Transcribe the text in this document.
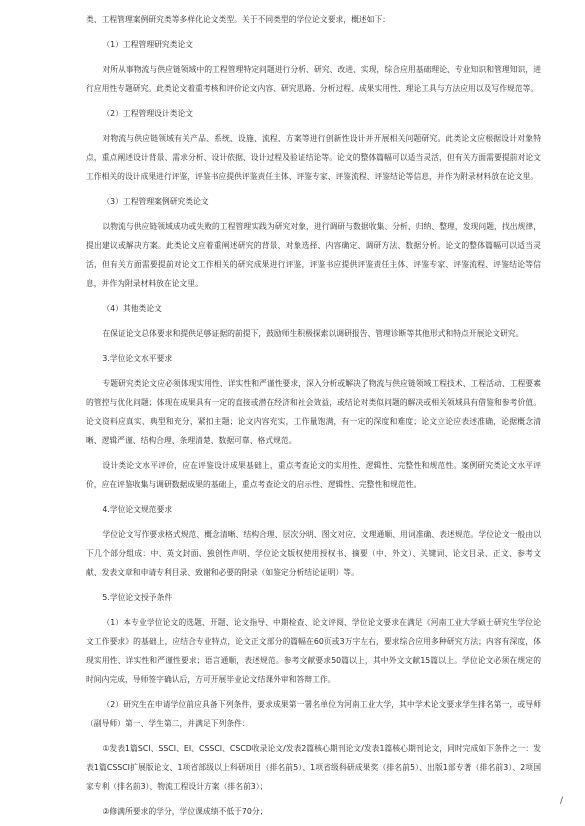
类、工程管理案例研究类等多样化论文类型。关于不同类型的学位论文要求，概述如下：

（1）工程管理研究类论文

对所从事物流与供应链领域中的工程管理特定问题进行分析、研究、改进、实现，综合应用基础理论、专业知识和管理知识，进行应用性专题研究。此类论文着重考核和评价论文内容、研究思路、分析过程、成果实用性、理论工具与方法应用以及写作规范等。

（2）工程管理设计类论文

对物流与供应链领域有关产品、系统、设施、流程、方案等进行创新性设计并开展相关问题研究。此类论文应根据设计对象特点，重点阐述设计背景、需求分析、设计依据、设计过程及验证结论等。论文的整体篇幅可以适当灵活，但有关方面需要提前对论文工作相关的设计成果进行评鉴，评鉴书应提供评鉴责任主体、评鉴专家、评鉴流程、评鉴结论等信息，并作为附录材料放在论文里。

（3）工程管理案例研究类论文

以物流与供应链领域成功或失败的工程管理实践为研究对象，进行调研与数据收集、分析、归纳、整理，发现问题，找出规律，提出建议或解决方案。此类论文应着重阐述研究的背景、对象选择、内容确定、调研方法、数据分析。论文的整体篇幅可以适当灵活，但有关方面需要提前对论文工作相关的研究成果进行评鉴，评鉴书应提供评鉴责任主体、评鉴专家、评鉴流程、评鉴结论等信息，并作为附录材料放在论文里。

（4）其他类论文

在保证论文总体要求和提供足够证据的前提下，鼓励师生积极探索以调研报告、管理诊断等其他形式和特点开展论文研究。

3.学位论文水平要求

专题研究类论文应必须体现实用性、详实性和严谨性要求，深入分析或解决了物流与供应链领域工程技术、工程活动、工程要素的管控与优化问题；体现在成果具有一定的直接或潜在经济和社会效益，或结论对类似问题的解决或相关领域具有借鉴和参考价值。论文资料应真实、典型和充分，紧扣主题；论文内容充实，工作量饱满，有一定的深度和难度；论文立论应表述准确，论据概念清晰、逻辑严谨、结构合理、条理清楚、数据可靠、格式规范。

设计类论文水平评价，应在评鉴设计成果基础上，重点考查论文的实用性、逻辑性、完整性和规范性。案例研究类论文水平评价，应在评鉴收集与调研数据成果的基础上，重点考查论文的启示性、逻辑性、完整性和规范性。

4.学位论文规范要求

学位论文写作要求格式规范、概念清晰、结构合理、层次分明、图文对应、文理通顺、用词准确、表述规范。学位论文一般由以下几个部分组成：中、英文封面、独创性声明、学位论文版权使用授权书、摘要（中、外文）、关键词、论文目录、正文、参考文献、发表文章和申请专利目录、致谢和必要的附录（如鉴定分析结论证明）等。

5.学位论文授予条件

（1）本专业学位论文的选题、开题、论文指导、中期检查、论文评阅、学位论文要求在满足《河南工业大学硕士研究生学位论文工作要求》的基础上，应结合专业特点，论文正文部分的篇幅在60页或3万字左右，要求综合应用多种研究方法；内容有深度，体现实用性、详实性和严谨性要求；语言通顺，表述规范。参考文献要求50篇以上，其中外文文献15篇以上。学位论文必须在规定的时间内完成，导师签字确认后，方可开展毕业论文结课外审和答辩工作。

（2）研究生在申请学位前应具备下列条件，要求成果第一署名单位为河南工业大学，其中学术论文要求学生排名第一，或导师（副导师）第一、学生第二，并满足下列条件：

①发表1篇SCI、SSCI、EI、CSSCI、CSCD收录论文/发表2篇核心期刊论文/发表1篇核心期刊论文，同时完成如下条件之一：发表1篇CSSCI扩展版论文、1项省部级以上科研项目（排名前5）、1项省级科研成果奖（排名前5）、出版1部专著（排名前3）、2项国家专利（排名前3）、物流工程设计方案（排名前3）；

②修满所要求的学分，学位课成绩不低于70分；

/
